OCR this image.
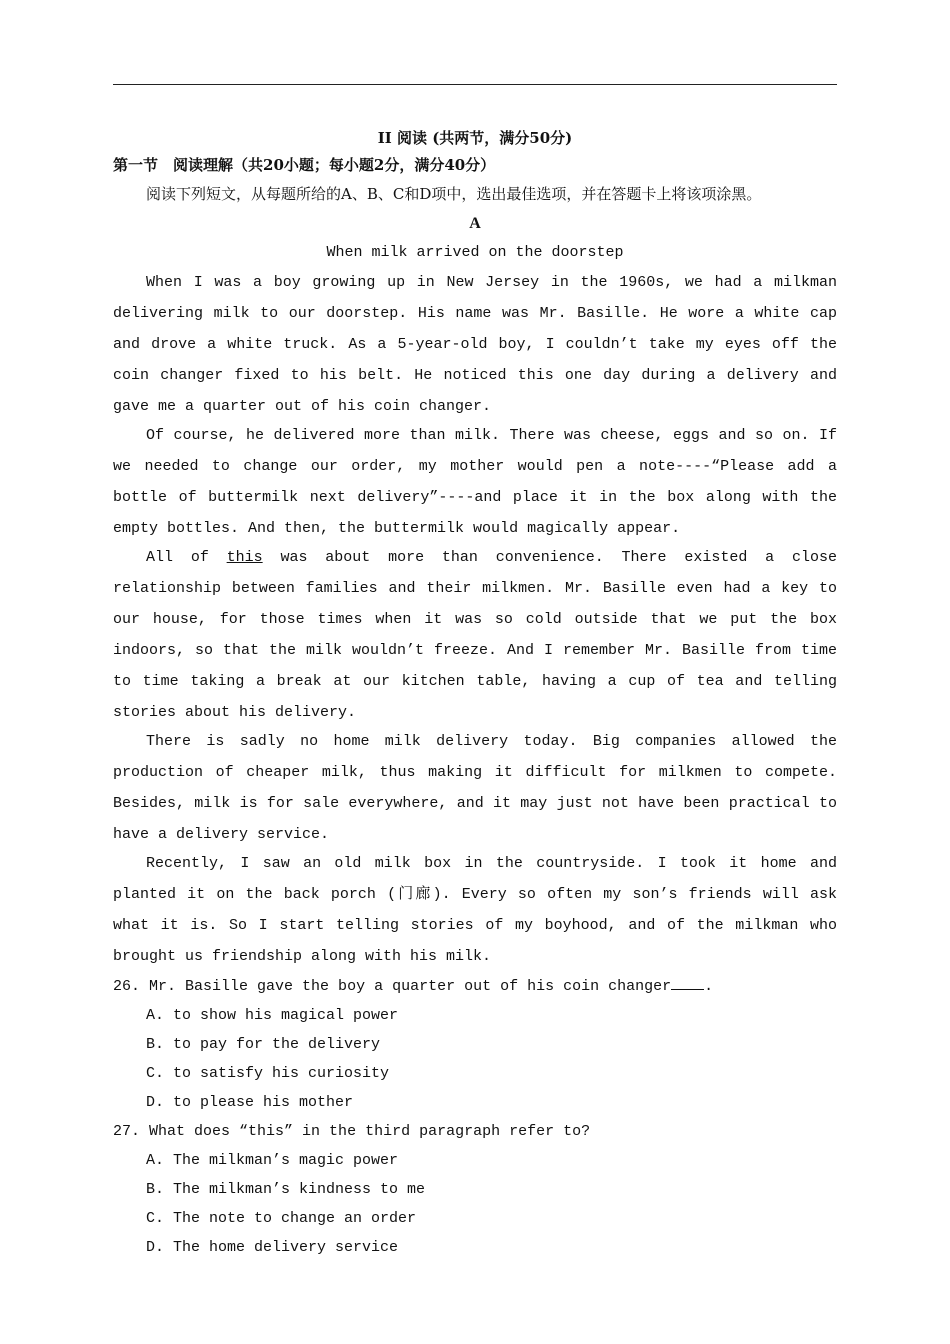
II 阅读 (共两节，满分50分)
第一节　阅读理解（共20小题；每小题2分，满分40分）
阅读下列短文，从每题所给的A、B、C和D项中，选出最佳选项，并在答题卡上将该项涂黑。
A
When milk arrived on the doorstep

When I was a boy growing up in New Jersey in the 1960s, we had a milkman delivering milk to our doorstep. His name was Mr. Basille. He wore a white cap and drove a white truck. As a 5-year-old boy, I couldn’t take my eyes off the coin changer fixed to his belt. He noticed this one day during a delivery and gave me a quarter out of his coin changer.

Of course, he delivered more than milk. There was cheese, eggs and so on. If we needed to change our order, my mother would pen a note----“Please add a bottle of buttermilk next delivery”----and place it in the box along with the empty bottles. And then, the buttermilk would magically appear.

All of this was about more than convenience. There existed a close relationship between families and their milkmen. Mr. Basille even had a key to our house, for those times when it was so cold outside that we put the box indoors, so that the milk wouldn’t freeze. And I remember Mr. Basille from time to time taking a break at our kitchen table, having a cup of tea and telling stories about his delivery.

There is sadly no home milk delivery today. Big companies allowed the production of cheaper milk, thus making it difficult for milkmen to compete. Besides, milk is for sale everywhere, and it may just not have been practical to have a delivery service.

Recently, I saw an old milk box in the countryside. I took it home and planted it on the back porch (门廊). Every so often my son’s friends will ask what it is. So I start telling stories of my boyhood, and of the milkman who brought us friendship along with his milk.

26. Mr. Basille gave the boy a quarter out of his coin changer .
A. to show his magical power
B. to pay for the delivery
C. to satisfy his curiosity
D. to please his mother
27. What does “this” in the third paragraph refer to?
A. The milkman’s magic power
B. The milkman’s kindness to me
C. The note to change an order
D. The home delivery service
